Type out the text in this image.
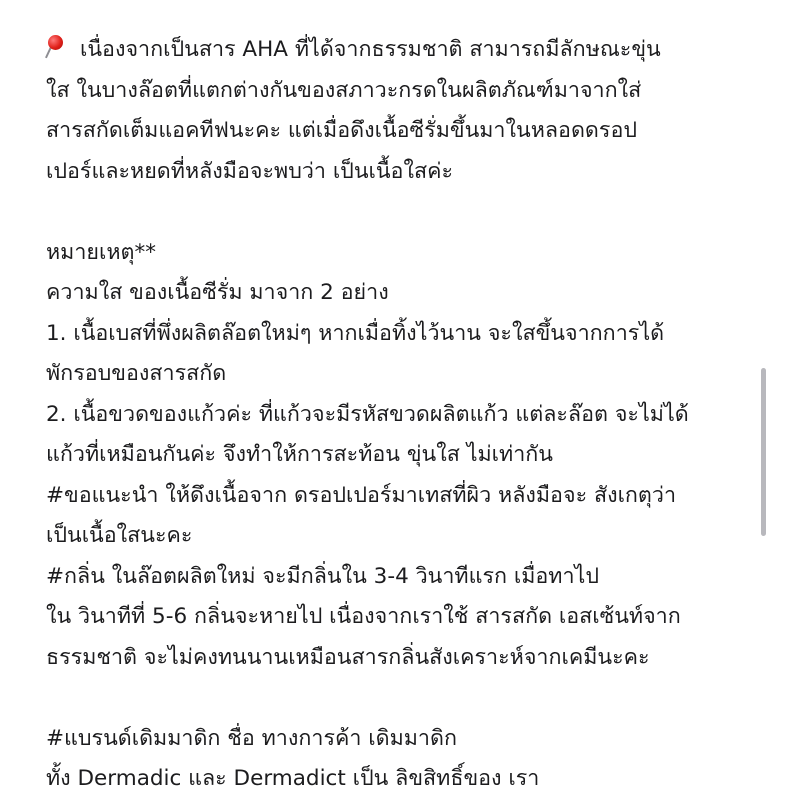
เนื่องจากเป็นสาร AHA ที่ได้จากธรรมชาติ สามารถมีลักษณะขุ่น
ใส ในบางล๊อตที่แตกต่างกันของสภาวะกรดในผลิตภัณฑ์มาจากใส่
สารสกัดเต็มแอคทีฟนะคะ แต่เมื่อดึงเนื้อซีรั่มขึ้นมาในหลอดดรอป
เปอร์และหยดที่หลังมือจะพบว่า เป็นเนื้อใสค่ะ
หมายเหตุ**
ความใส ของเนื้อซีรั่ม มาจาก 2 อย่าง
1. เนื้อเบสที่พึ่งผลิตล๊อตใหม่ๆ หากเมื่อทิ้งไว้นาน จะใสขึ้นจากการได้
พักรอบของสารสกัด
2. เนื้อขวดของแก้วค่ะ ที่แก้วจะมีรหัสขวดผลิตแก้ว แต่ละล๊อต จะไม่ได้
แก้วที่เหมือนกันค่ะ จึงทำให้การสะท้อน ขุ่นใส ไม่เท่ากัน
#ขอแนะนำ ให้ดึงเนื้อจาก ดรอปเปอร์มาเทสที่ผิว หลังมือจะ สังเกตุว่า
เป็นเนื้อใสนะคะ
#กลิ่น ในล๊อตผลิตใหม่ จะมีกลิ่นใน 3-4 วินาทีแรก เมื่อทาไป
ใน วินาทีที่ 5-6 กลิ่นจะหายไป เนื่องจากเราใช้ สารสกัด เอสเซ้นท์จาก
ธรรมชาติ จะไม่คงทนนานเหมือนสารกลิ่นสังเคราะห์จากเคมีนะคะ
#แบรนด์เดิมมาดิก ชื่อ ทางการค้า เดิมมาดิก
ทั้ง Dermadic และ Dermadict เป็น ลิขสิทธิ์ของ เรา
